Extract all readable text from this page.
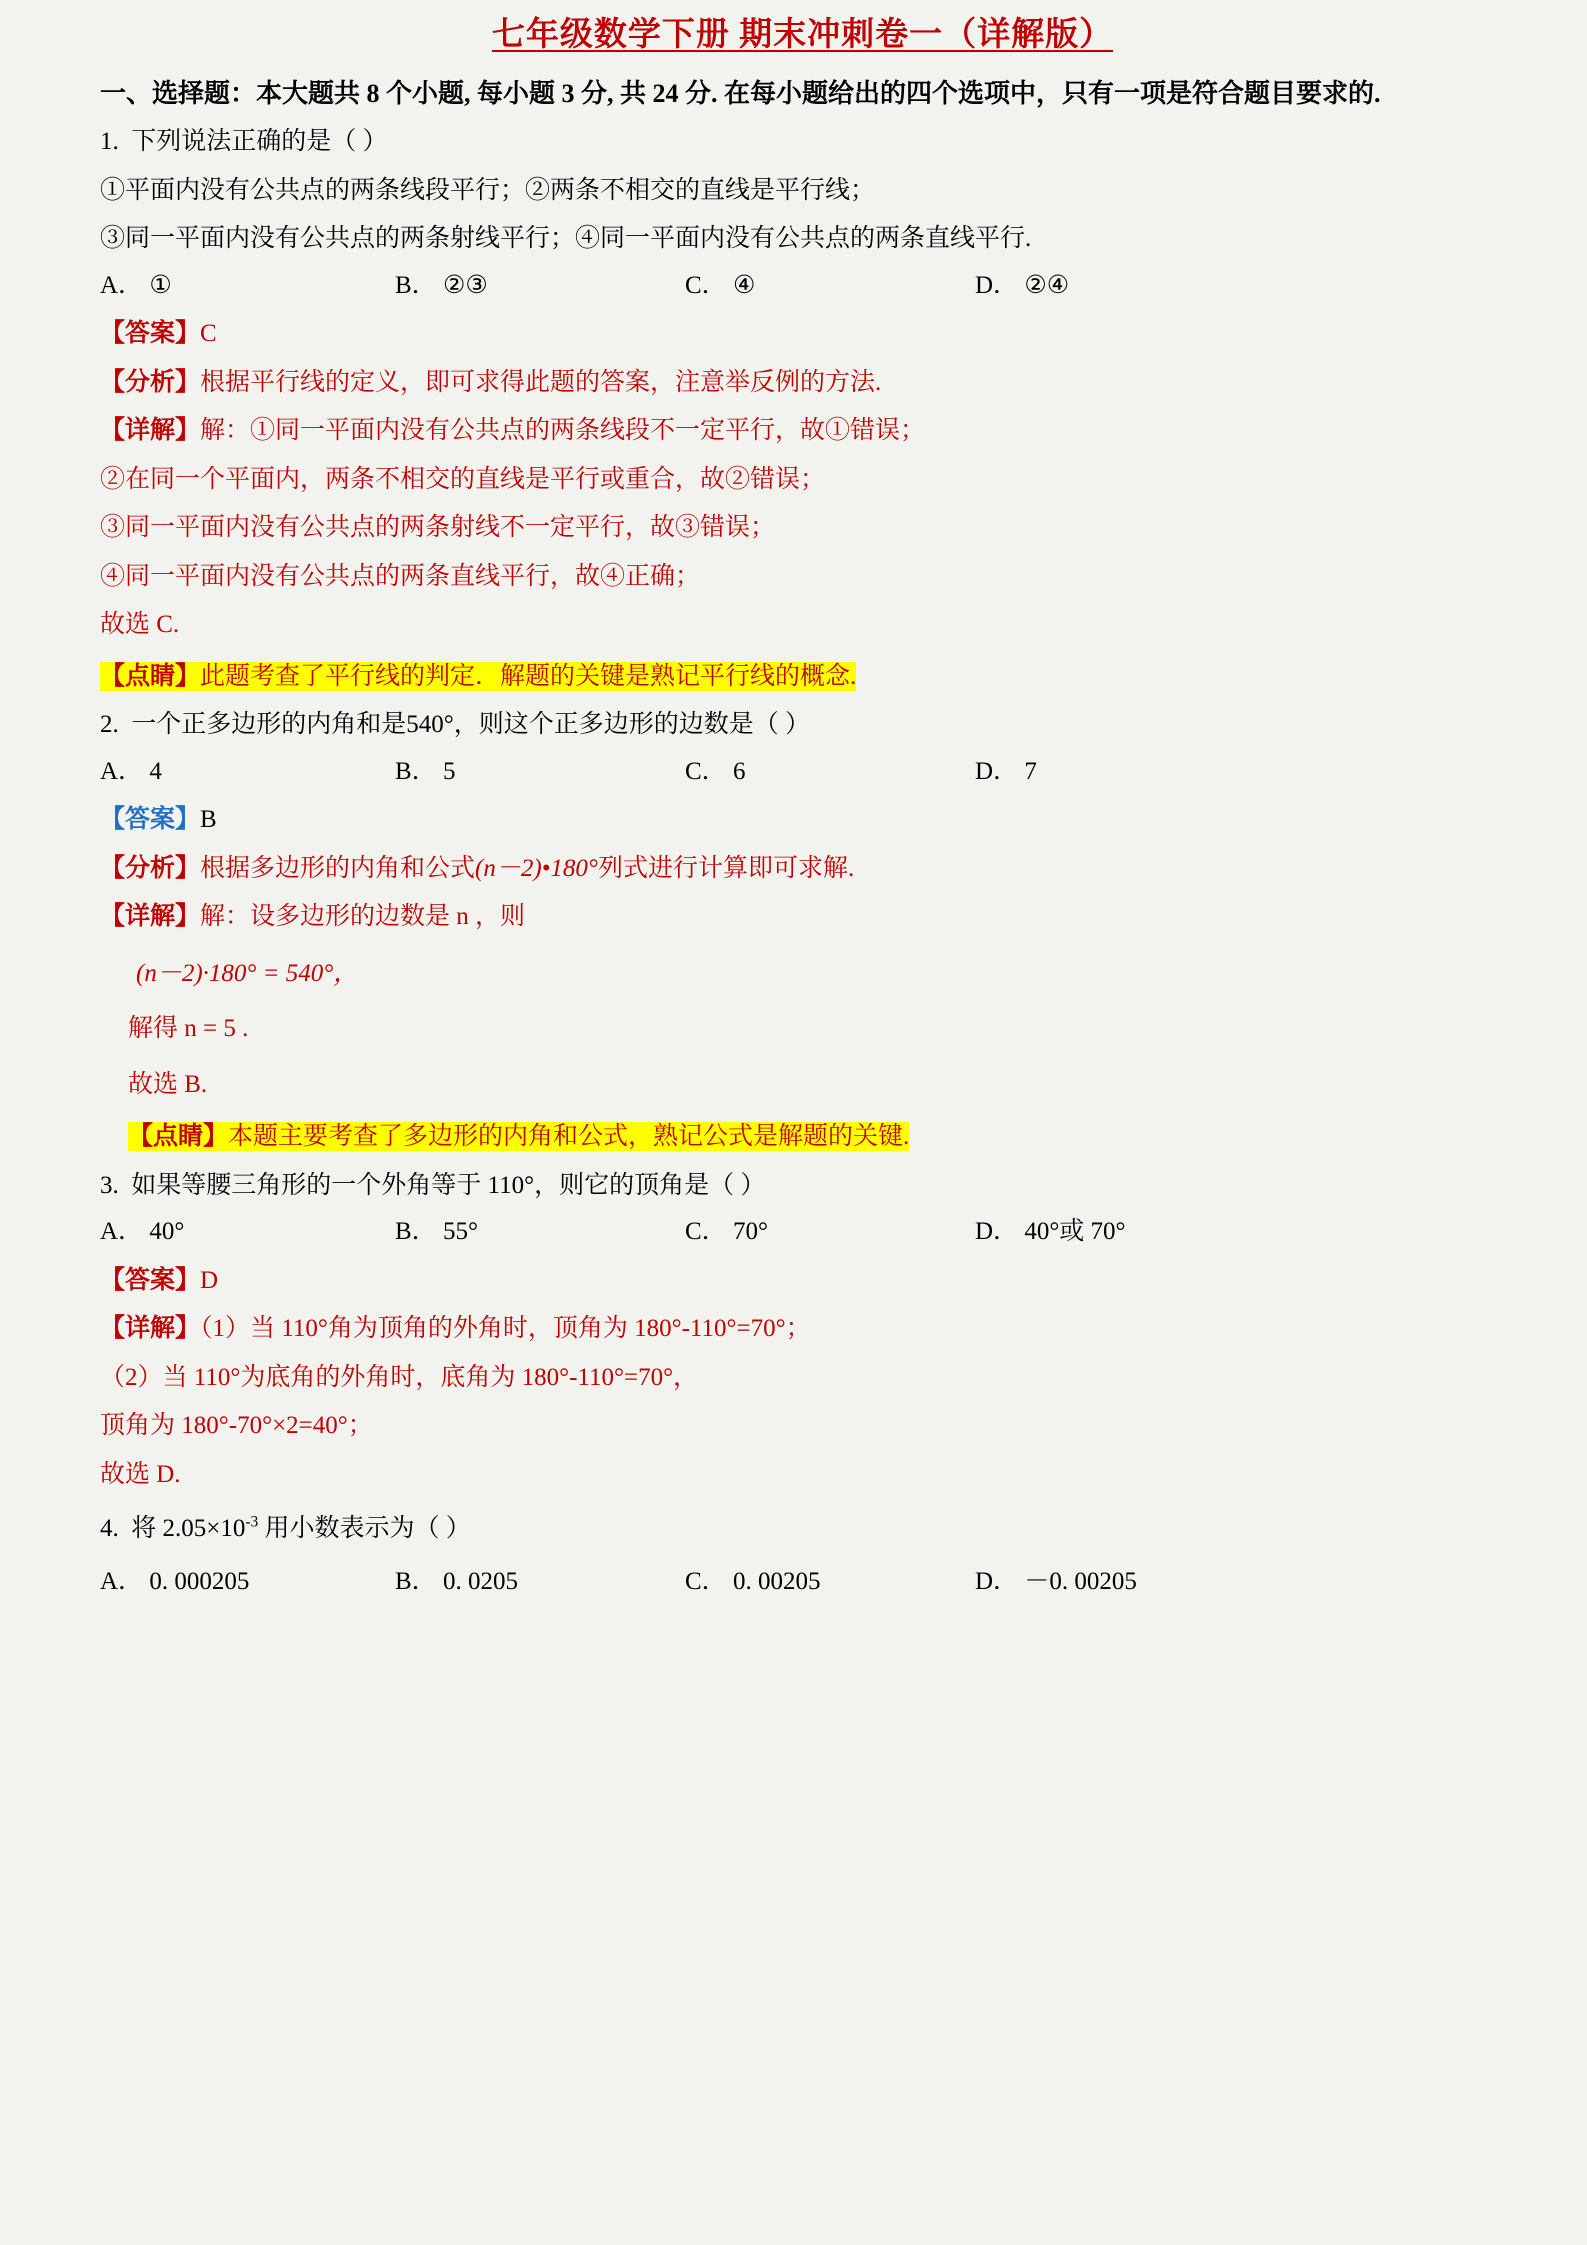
七年级数学下册 期末冲刺卷一（详解版）
一、选择题：本大题共 8 个小题, 每小题 3 分, 共 24 分. 在每小题给出的四个选项中，只有一项是符合题目要求的.
1. 下列说法正确的是（ ）
①平面内没有公共点的两条线段平行；②两条不相交的直线是平行线；
③同一平面内没有公共点的两条射线平行；④同一平面内没有公共点的两条直线平行.
A． ①	B． ②③	C． ④	D． ②④
【答案】C
【分析】根据平行线的定义，即可求得此题的答案，注意举反例的方法.
【详解】解：①同一平面内没有公共点的两条线段不一定平行，故①错误；
②在同一个平面内，两条不相交的直线是平行或重合，故②错误；
③同一平面内没有公共点的两条射线不一定平行，故③错误；
④同一平面内没有公共点的两条直线平行，故④正确；
故选 C.
【点睛】此题考查了平行线的判定．解题的关键是熟记平行线的概念.
2. 一个正多边形的内角和是540°，则这个正多边形的边数是（ ）
A． 4	B． 5	C． 6	D． 7
【答案】B
【分析】根据多边形的内角和公式(n－2)•180°列式进行计算即可求解.
【详解】解：设多边形的边数是 n ，则
(n－2)·180° = 540°，
解得 n = 5 .
故选 B.
【点睛】本题主要考查了多边形的内角和公式，熟记公式是解题的关键.
3. 如果等腰三角形的一个外角等于 110°，则它的顶角是（ ）
A． 40°	B． 55°	C． 70°	D． 40°或 70°
【答案】D
【详解】（1）当 110°角为顶角的外角时，顶角为 180°-110°=70°；
（2）当 110°为底角的外角时，底角为 180°-110°=70°，
顶角为 180°-70°×2=40°；
故选 D.
4. 将 $2.05\times 10^{-3}$ 用小数表示为（ ）
A． 0. 000205	B． 0. 0205	C． 0. 00205	D． －0. 00205
